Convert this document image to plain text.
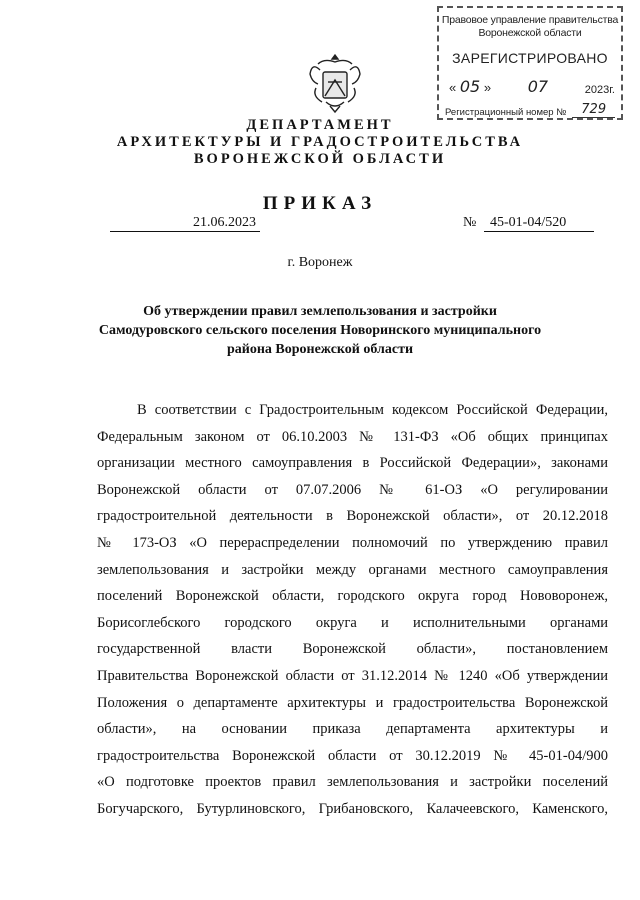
Правовое управление правительства
Воронежской области
ЗАРЕГИСТРИРОВАНО
« 05 » 07	2023г.
Регистрационный номер №	729
ДЕПАРТАМЕНТ
АРХИТЕКТУРЫ И ГРАДОСТРОИТЕЛЬСТВА
ВОРОНЕЖСКОЙ ОБЛАСТИ
ПРИКАЗ
21.06.2023	№ 45-01-04/520
г. Воронеж
Об утверждении правил землепользования и застройки
Самодуровского сельского поселения Новоринского муниципального
района Воронежской области
В соответствии с Градостроительным кодексом Российской Федерации,
Федеральным законом от 06.10.2003 № 131-ФЗ «Об общих принципах
организации местного самоуправления в Российской Федерации», законами
Воронежской области от 07.07.2006 № 61-ОЗ «О регулировании
градостроительной деятельности в Воронежской области», от 20.12.2018
№ 173-ОЗ «О перераспределении полномочий по утверждению правил
землепользования и застройки между органами местного самоуправления
поселений Воронежской области, городского округа город Нововоронеж,
Борисоглебского городского округа и исполнительными органами
государственной власти Воронежской области», постановлением
Правительства Воронежской области от 31.12.2014 № 1240 «Об утверждении
Положения о департаменте архитектуры и градостроительства Воронежской
области», на основании приказа департамента архитектуры и
градостроительства Воронежской области от 30.12.2019 № 45-01-04/900
«О подготовке проектов правил землепользования и застройки поселений
Богучарского, Бутурлиновского, Грибановского, Калачеевского, Каменского,
